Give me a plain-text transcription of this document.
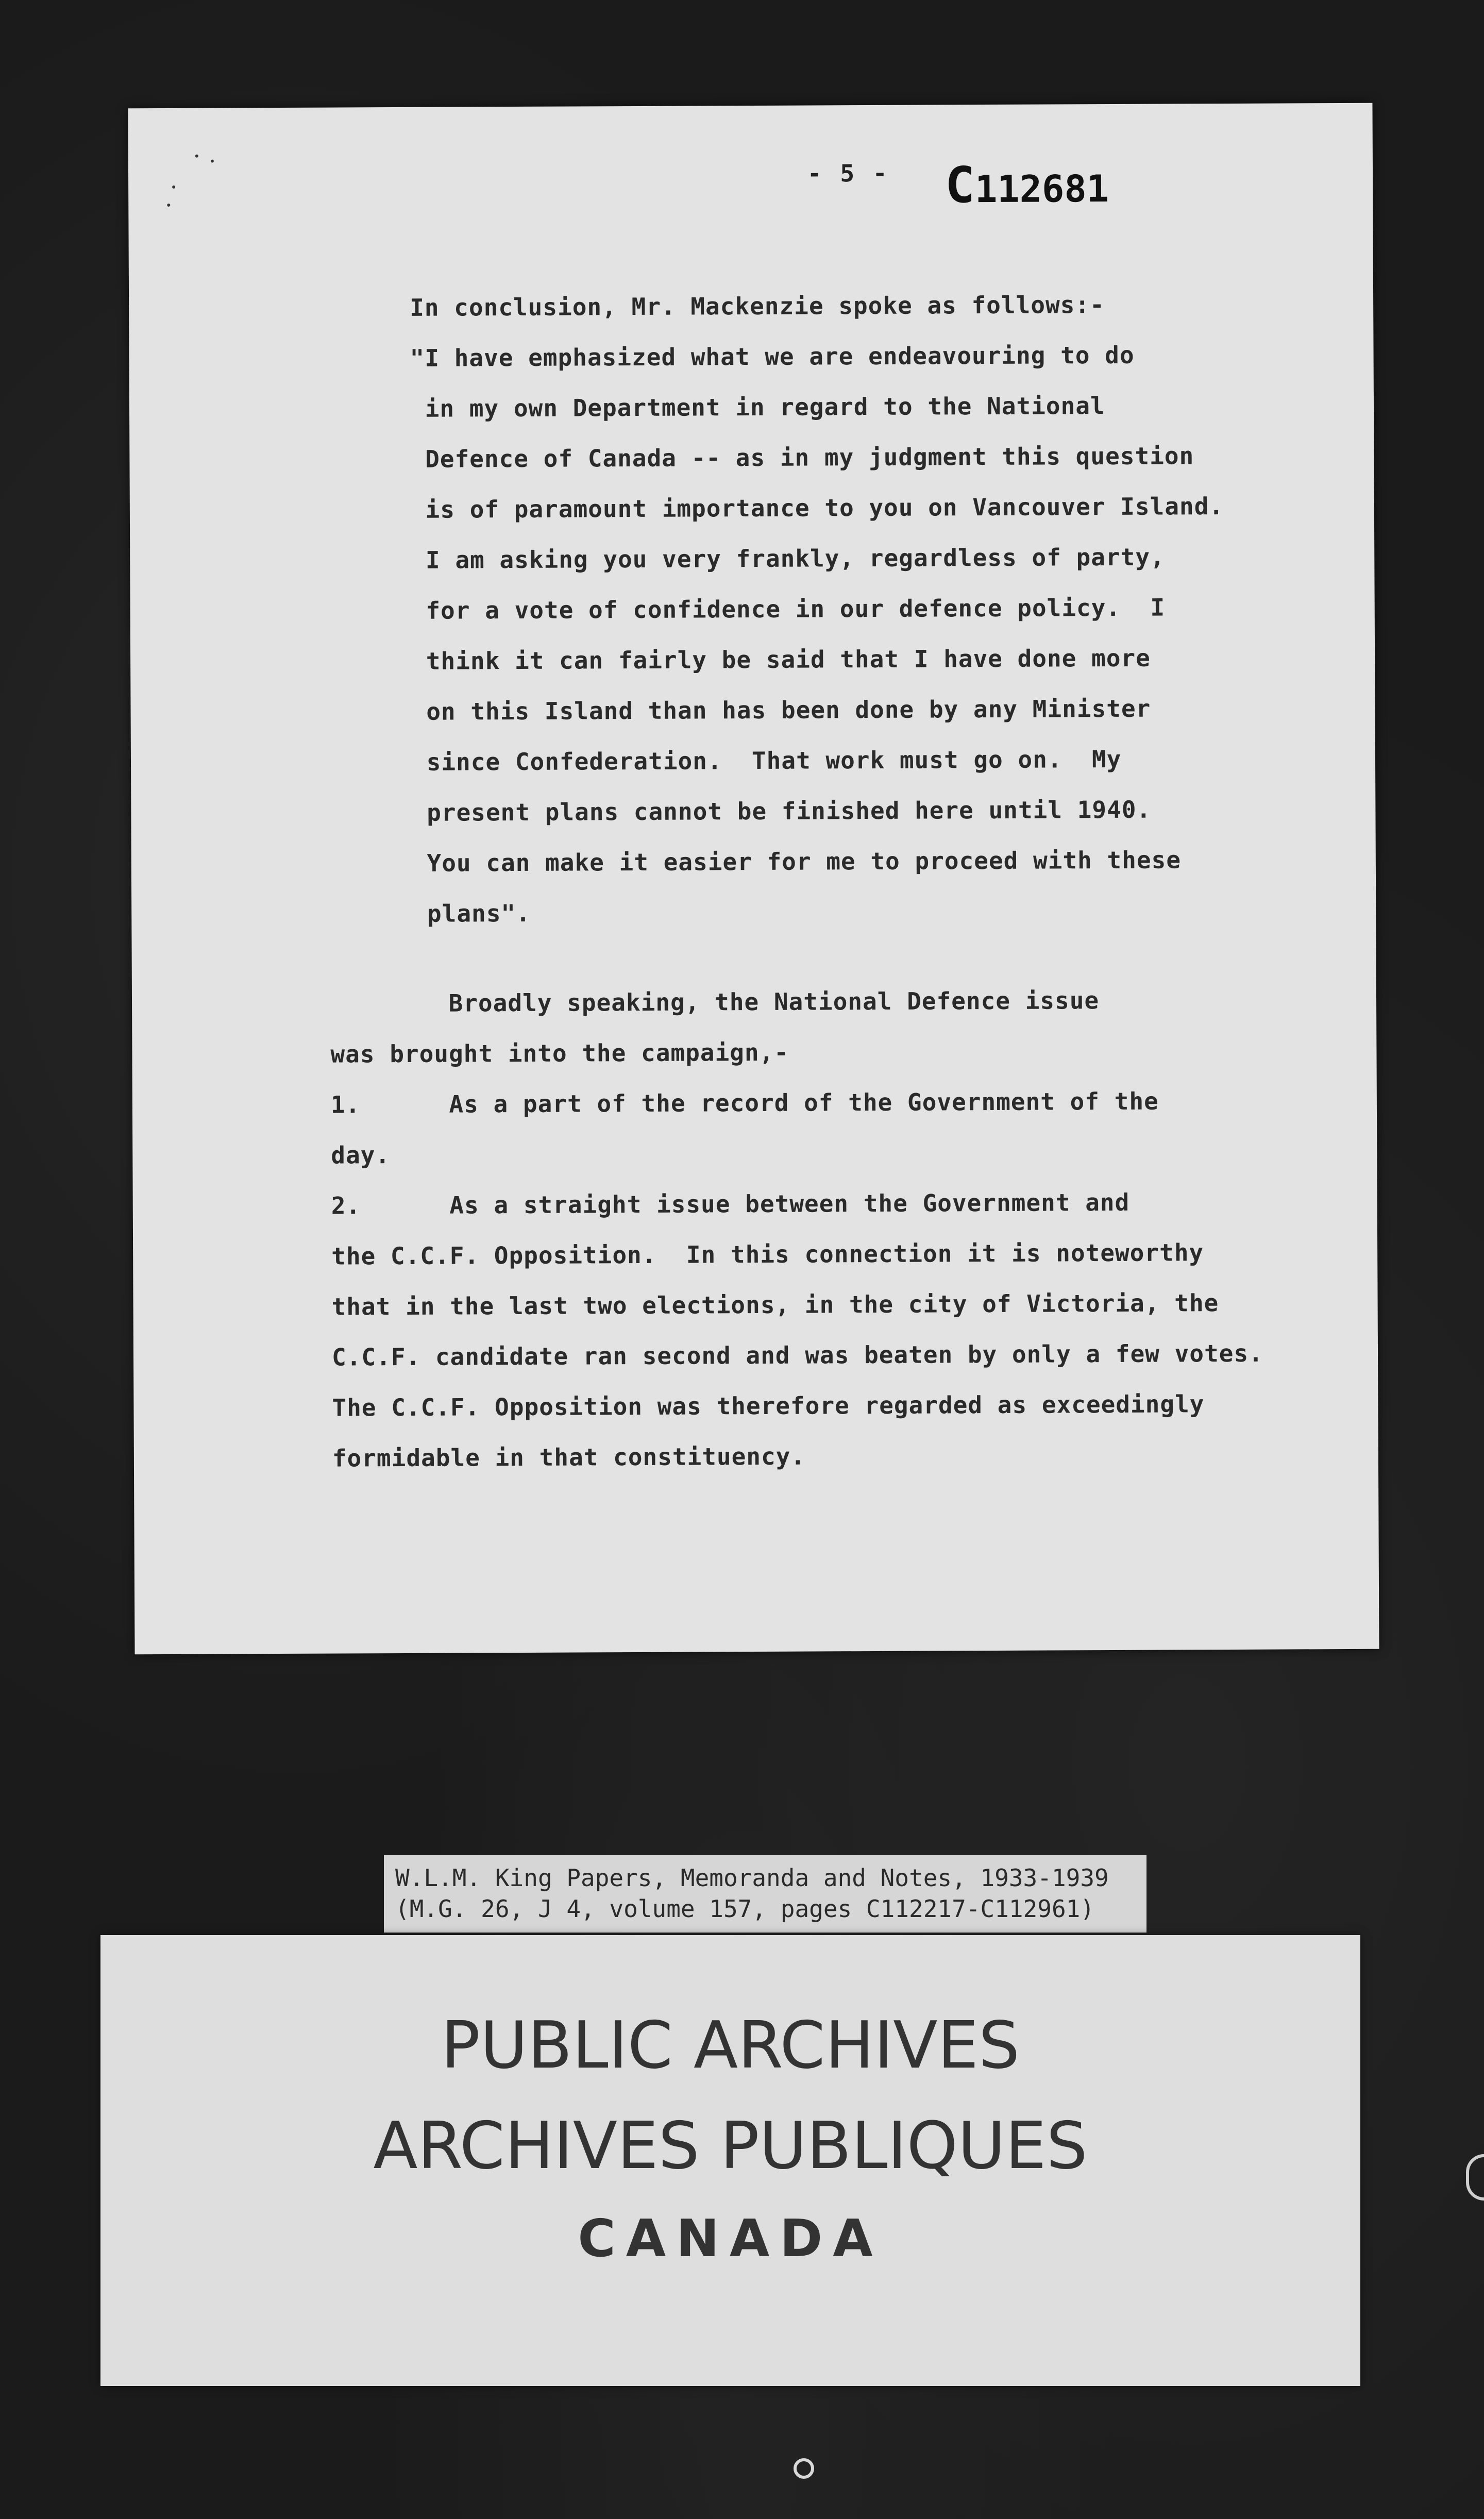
- 5 - C112681
In conclusion, Mr. Mackenzie spoke as follows:-
"I have emphasized what we are endeavouring to do
in my own Department in regard to the National
Defence of Canada -- as in my judgment this question
is of paramount importance to you on Vancouver Island.
I am asking you very frankly, regardless of party,
for a vote of confidence in our defence policy.  I
think it can fairly be said that I have done more
on this Island than has been done by any Minister
since Confederation.  That work must go on.  My
present plans cannot be finished here until 1940.
You can make it easier for me to proceed with these
plans".
Broadly speaking, the National Defence issue
was brought into the campaign,-
1.      As a part of the record of the Government of the
day.
2.      As a straight issue between the Government and
the C.C.F. Opposition.  In this connection it is noteworthy
that in the last two elections, in the city of Victoria, the
C.C.F. candidate ran second and was beaten by only a few votes.
The C.C.F. Opposition was therefore regarded as exceedingly
formidable in that constituency.
W.L.M. King Papers, Memoranda and Notes, 1933-1939
(M.G. 26, J 4, volume 157, pages C112217-C112961)
PUBLIC ARCHIVES
ARCHIVES PUBLIQUES
CANADA
